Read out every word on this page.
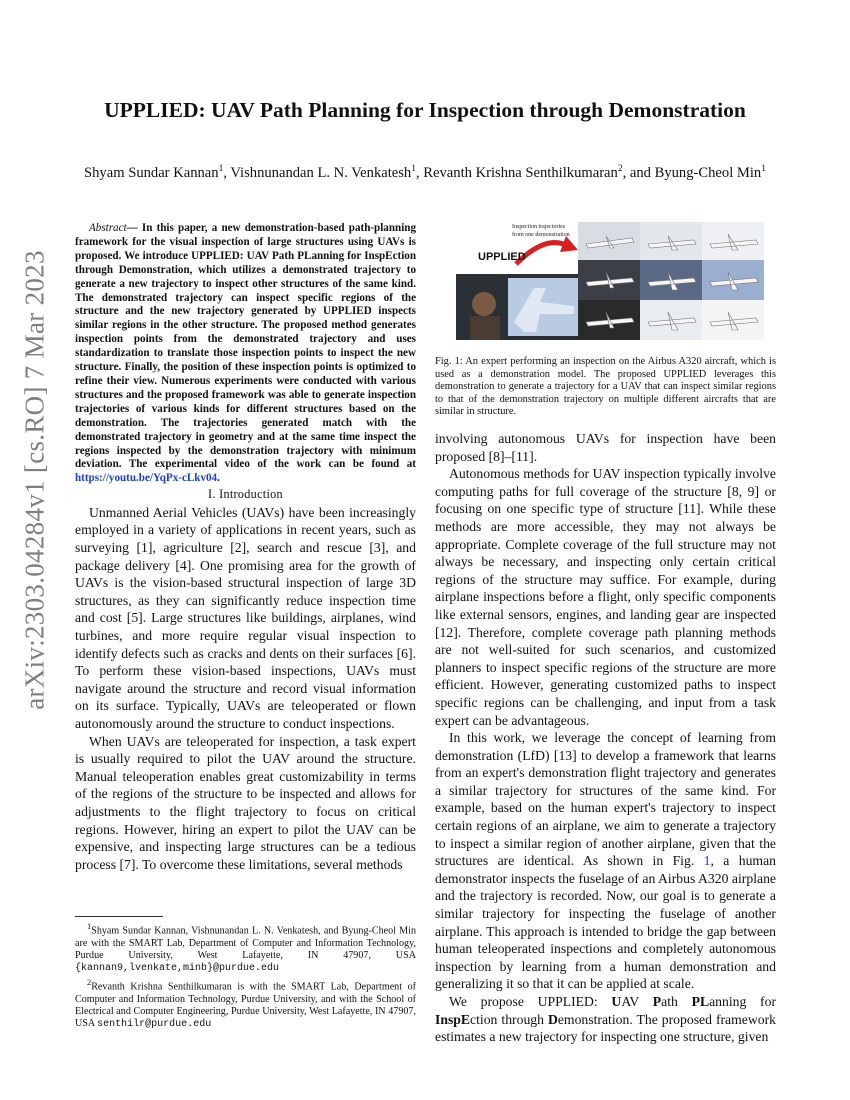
arXiv:2303.04284v1 [cs.RO] 7 Mar 2023
UPPLIED: UAV Path Planning for Inspection through Demonstration
Shyam Sundar Kannan$^1$, Vishnunandan L. N. Venkatesh$^1$, Revanth Krishna Senthilkumaran$^2$, and Byung-Cheol Min$^1$

Abstract— In this paper, a new demonstration-based path-planning framework for the visual inspection of large structures using UAVs is proposed. We introduce UPPLIED: UAV Path PLanning for InspEction through Demonstration, which utilizes a demonstrated trajectory to generate a new trajectory to inspect other structures of the same kind. The demonstrated trajectory can inspect specific regions of the structure and the new trajectory generated by UPPLIED inspects similar regions in the other structure. The proposed method generates inspection points from the demonstrated trajectory and uses standardization to translate those inspection points to inspect the new structure. Finally, the position of these inspection points is optimized to refine their view. Numerous experiments were conducted with various structures and the proposed framework was able to generate inspection trajectories of various kinds for different structures based on the demonstration. The trajectories generated match with the demonstrated trajectory in geometry and at the same time inspect the regions inspected by the demonstration trajectory with minimum deviation. The experimental video of the work can be found at https://youtu.be/YqPx-cLkv04.

I. Introduction

Unmanned Aerial Vehicles (UAVs) have been increasingly employed in a variety of applications in recent years, such as surveying [1], agriculture [2], search and rescue [3], and package delivery [4]. One promising area for the growth of UAVs is the vision-based structural inspection of large 3D structures, as they can significantly reduce inspection time and cost [5]. Large structures like buildings, airplanes, wind turbines, and more require regular visual inspection to identify defects such as cracks and dents on their surfaces [6]. To perform these vision-based inspections, UAVs must navigate around the structure and record visual information on its surface. Typically, UAVs are teleoperated or flown autonomously around the structure to conduct inspections.

When UAVs are teleoperated for inspection, a task expert is usually required to pilot the UAV around the structure. Manual teleoperation enables great customizability in terms of the regions of the structure to be inspected and allows for adjustments to the flight trajectory to focus on critical regions. However, hiring an expert to pilot the UAV can be expensive, and inspecting large structures can be a tedious process [7]. To overcome these limitations, several methods

$^1$Shyam Sundar Kannan, Vishnunandan L. N. Venkatesh, and Byung-Cheol Min are with the SMART Lab, Department of Computer and Information Technology, Purdue University, West Lafayette, IN 47907, USA {kannan9,lvenkate,minb}@purdue.edu

$^2$Revanth Krishna Senthilkumaran is with the SMART Lab, Department of Computer and Information Technology, Purdue University, and with the School of Electrical and Computer Engineering, Purdue University, West Lafayette, IN 47907, USA senthilr@purdue.edu

UPPLIED
Inspection trajectories
from one demonstration
Fig. 1: An expert performing an inspection on the Airbus A320 aircraft, which is used as a demonstration model. The proposed UPPLIED leverages this demonstration to generate a trajectory for a UAV that can inspect similar regions to that of the demonstration trajectory on multiple different aircrafts that are similar in structure.

involving autonomous UAVs for inspection have been proposed [8]–[11].

Autonomous methods for UAV inspection typically involve computing paths for full coverage of the structure [8, 9] or focusing on one specific type of structure [11]. While these methods are more accessible, they may not always be appropriate. Complete coverage of the full structure may not always be necessary, and inspecting only certain critical regions of the structure may suffice. For example, during airplane inspections before a flight, only specific components like external sensors, engines, and landing gear are inspected [12]. Therefore, complete coverage path planning methods are not well-suited for such scenarios, and customized planners to inspect specific regions of the structure are more efficient. However, generating customized paths to inspect specific regions can be challenging, and input from a task expert can be advantageous.

In this work, we leverage the concept of learning from demonstration (LfD) [13] to develop a framework that learns from an expert's demonstration flight trajectory and generates a similar trajectory for structures of the same kind. For example, based on the human expert's trajectory to inspect certain regions of an airplane, we aim to generate a trajectory to inspect a similar region of another airplane, given that the structures are identical. As shown in Fig. 1, a human demonstrator inspects the fuselage of an Airbus A320 airplane and the trajectory is recorded. Now, our goal is to generate a similar trajectory for inspecting the fuselage of another airplane. This approach is intended to bridge the gap between human teleoperated inspections and completely autonomous inspection by learning from a human demonstration and generalizing it so that it can be applied at scale.

We propose UPPLIED: UAV Path PLanning for InspEction through Demonstration. The proposed framework estimates a new trajectory for inspecting one structure, given
